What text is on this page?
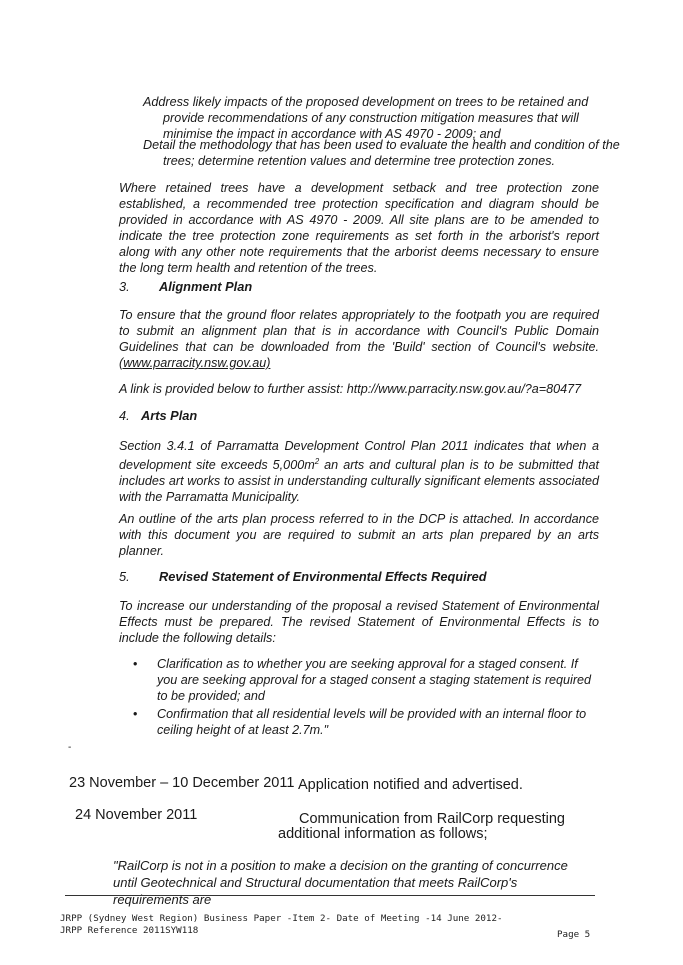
Address likely impacts of the proposed development on trees to be retained and provide recommendations of any construction mitigation measures that will minimise the impact in accordance with AS 4970 - 2009; and

Detail the methodology that has been used to evaluate the health and condition of the trees; determine retention values and determine tree protection zones.

Where retained trees have a development setback and tree protection zone established, a recommended tree protection specification and diagram should be provided in accordance with AS 4970 - 2009. All site plans are to be amended to indicate the tree protection zone requirements as set forth in the arborist's report along with any other note requirements that the arborist deems necessary to ensure the long term health and retention of the trees.

3. Alignment Plan

To ensure that the ground floor relates appropriately to the footpath you are required to submit an alignment plan that is in accordance with Council's Public Domain Guidelines that can be downloaded from the 'Build' section of Council's website. (www.parracity.nsw.gov.au)

A link is provided below to further assist: http://www.parracity.nsw.gov.au/?a=80477

4. Arts Plan

Section 3.4.1 of Parramatta Development Control Plan 2011 indicates that when a development site exceeds $5,000m^2$ an arts and cultural plan is to be submitted that includes art works to assist in understanding culturally significant elements associated with the Parramatta Municipality.

An outline of the arts plan process referred to in the DCP is attached. In accordance with this document you are required to submit an arts plan prepared by an arts planner.

5. Revised Statement of Environmental Effects Required

To increase our understanding of the proposal a revised Statement of Environmental Effects must be prepared. The revised Statement of Environmental Effects is to include the following details:

• Clarification as to whether you are seeking approval for a staged consent. If you are seeking approval for a staged consent a staging statement is required to be provided; and
• Confirmation that all residential levels will be provided with an internal floor to ceiling height of at least 2.7m."
-
23 November – 10 December 2011 Application notified and advertised.
24 November 2011	Communication from RailCorp requesting
additional information as follows;

"RailCorp is not in a position to make a decision on the granting of concurrence until Geotechnical and Structural documentation that meets RailCorp's requirements are

JRPP (Sydney West Region) Business Paper -Item 2- Date of Meeting -14 June 2012-
JRPP Reference 2011SYW118	Page 5
